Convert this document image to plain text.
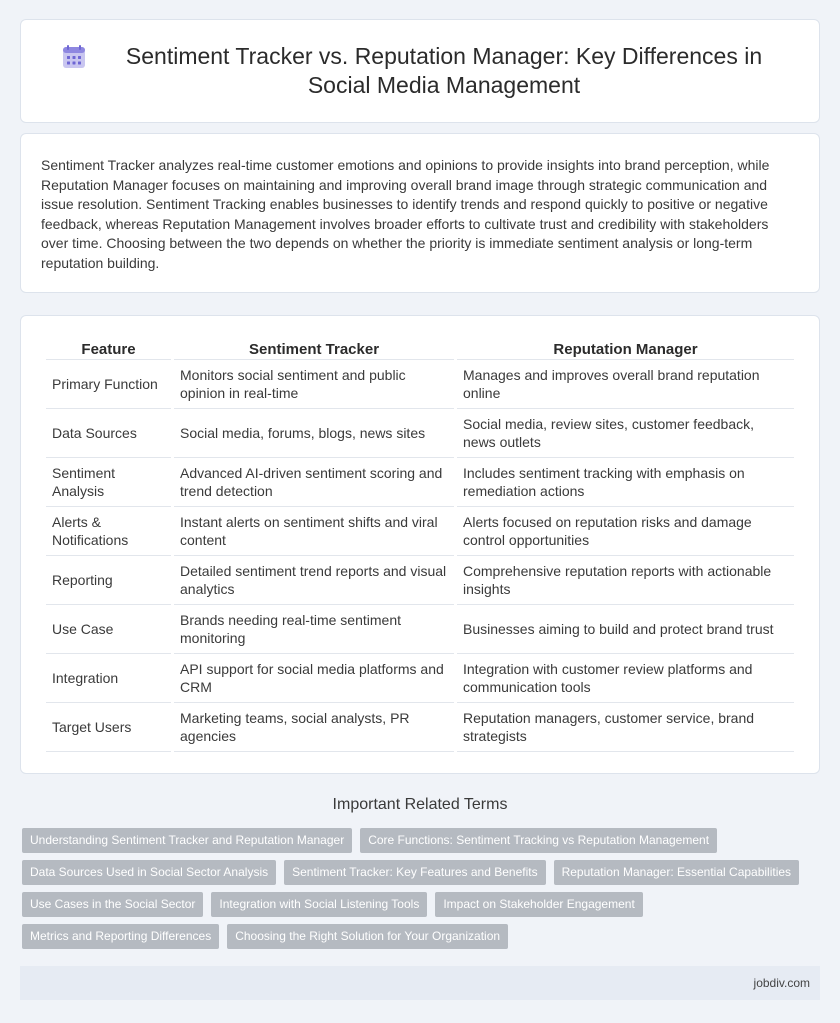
Sentiment Tracker vs. Reputation Manager: Key Differences in Social Media Management

Sentiment Tracker analyzes real-time customer emotions and opinions to provide insights into brand perception, while Reputation Manager focuses on maintaining and improving overall brand image through strategic communication and issue resolution. Sentiment Tracking enables businesses to identify trends and respond quickly to positive or negative feedback, whereas Reputation Management involves broader efforts to cultivate trust and credibility with stakeholders over time. Choosing between the two depends on whether the priority is immediate sentiment analysis or long-term reputation building.

Feature	Sentiment Tracker	Reputation Manager
Primary Function	Monitors social sentiment and public opinion in real-time	Manages and improves overall brand reputation online
Data Sources	Social media, forums, blogs, news sites	Social media, review sites, customer feedback, news outlets
Sentiment Analysis	Advanced AI-driven sentiment scoring and trend detection	Includes sentiment tracking with emphasis on remediation actions
Alerts & Notifications	Instant alerts on sentiment shifts and viral content	Alerts focused on reputation risks and damage control opportunities
Reporting	Detailed sentiment trend reports and visual analytics	Comprehensive reputation reports with actionable insights
Use Case	Brands needing real-time sentiment monitoring	Businesses aiming to build and protect brand trust
Integration	API support for social media platforms and CRM	Integration with customer review platforms and communication tools
Target Users	Marketing teams, social analysts, PR agencies	Reputation managers, customer service, brand strategists
Important Related Terms
Understanding Sentiment Tracker and Reputation Manager	Core Functions: Sentiment Tracking vs Reputation Management
Data Sources Used in Social Sector Analysis	Sentiment Tracker: Key Features and Benefits	Reputation Manager: Essential Capabilities
Use Cases in the Social Sector	Integration with Social Listening Tools	Impact on Stakeholder Engagement
Metrics and Reporting Differences	Choosing the Right Solution for Your Organization
jobdiv.com
